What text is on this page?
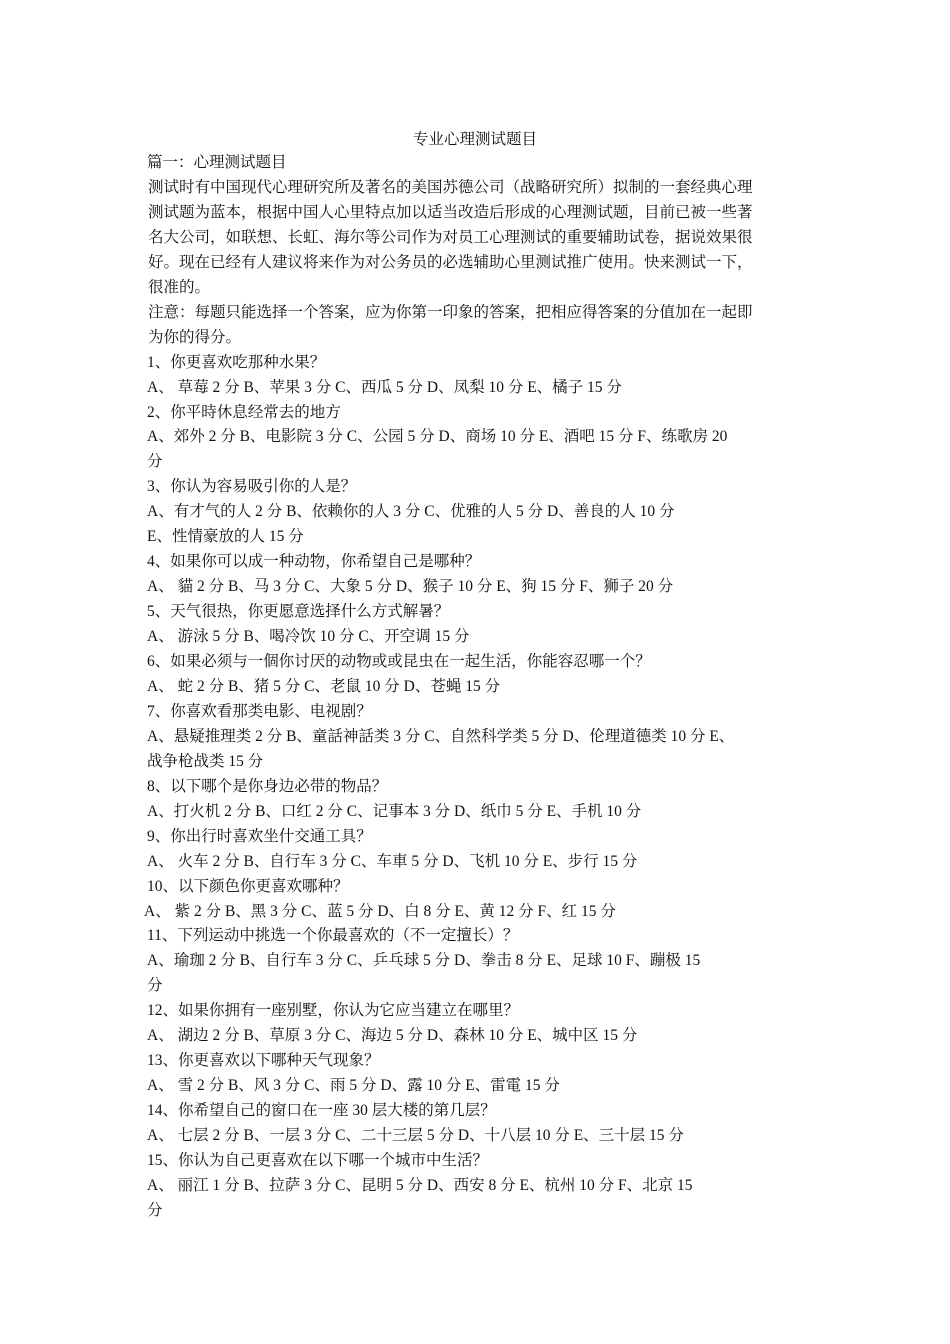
专业心理测试题目
篇一：心理测试题目
测试时有中国现代心理研究所及著名的美国苏德公司（战略研究所）拟制的一套经典心理
测试题为蓝本，根据中国人心里特点加以适当改造后形成的心理测试题，目前已被一些著
名大公司，如联想、长虹、海尔等公司作为对员工心理测试的重要辅助试卷，据说效果很
好。现在已经有人建议将来作为对公务员的必选辅助心里测试推广使用。快来测试一下，
很准的。
注意：每题只能选择一个答案，应为你第一印象的答案，把相应得答案的分值加在一起即
为你的得分。
1、你更喜欢吃那种水果？
A、 草莓 2 分 B、苹果 3 分 C、西瓜 5 分 D、凤梨 10 分 E、橘子 15 分
2、你平時休息经常去的地方
A、郊外 2 分 B、电影院 3 分 C、公园 5 分 D、商场 10 分 E、酒吧 15 分 F、练歌房 20
分
3、你认为容易吸引你的人是？
A、有才气的人 2 分 B、依赖你的人 3 分 C、优雅的人 5 分 D、善良的人 10 分
E、性情豪放的人 15 分
4、如果你可以成一种动物，你希望自己是哪种？
A、 貓 2 分 B、马 3 分 C、大象 5 分 D、猴子 10 分 E、狗 15 分 F、狮子 20 分
5、天气很热，你更愿意选择什么方式解暑？
A、 游泳 5 分 B、喝冷饮 10 分 C、开空调 15 分
6、如果必须与一個你讨厌的动物或或昆虫在一起生活，你能容忍哪一个？
A、 蛇 2 分 B、猪 5 分 C、老鼠 10 分 D、苍蝇 15 分
7、你喜欢看那类电影、电视剧？
A、悬疑推理类 2 分 B、童話神話类 3 分 C、自然科学类 5 分 D、伦理道德类 10 分 E、
战争枪战类 15 分
8、以下哪个是你身边必带的物品？
A、打火机 2 分 B、口红 2 分 C、记事本 3 分 D、纸巾 5 分 E、手机 10 分
9、你出行时喜欢坐什交通工具？
A、 火车 2 分 B、自行车 3 分 C、车車 5 分 D、飞机 10 分 E、步行 15 分
10、以下颜色你更喜欢哪种？
A、 紫 2 分 B、黑 3 分 C、蓝 5 分 D、白 8 分 E、黄 12 分 F、红 15 分
11、下列运动中挑选一个你最喜欢的（不一定擅长）？
A、瑜珈 2 分 B、自行车 3 分 C、乒乓球 5 分 D、拳击 8 分 E、足球 10 F、蹦极 15
分
12、如果你拥有一座别墅，你认为它应当建立在哪里？
A、 湖边 2 分 B、草原 3 分 C、海边 5 分 D、森林 10 分 E、城中区 15 分
13、你更喜欢以下哪种天气现象？
A、 雪 2 分 B、风 3 分 C、雨 5 分 D、露 10 分 E、雷電 15 分
14、你希望自己的窗口在一座 30 层大楼的第几层？
A、 七层 2 分 B、一层 3 分 C、二十三层 5 分 D、十八层 10 分 E、三十层 15 分
15、你认为自己更喜欢在以下哪一个城市中生活？
A、 丽江 1 分 B、拉萨 3 分 C、昆明 5 分 D、西安 8 分 E、杭州 10 分 F、北京 15
分
